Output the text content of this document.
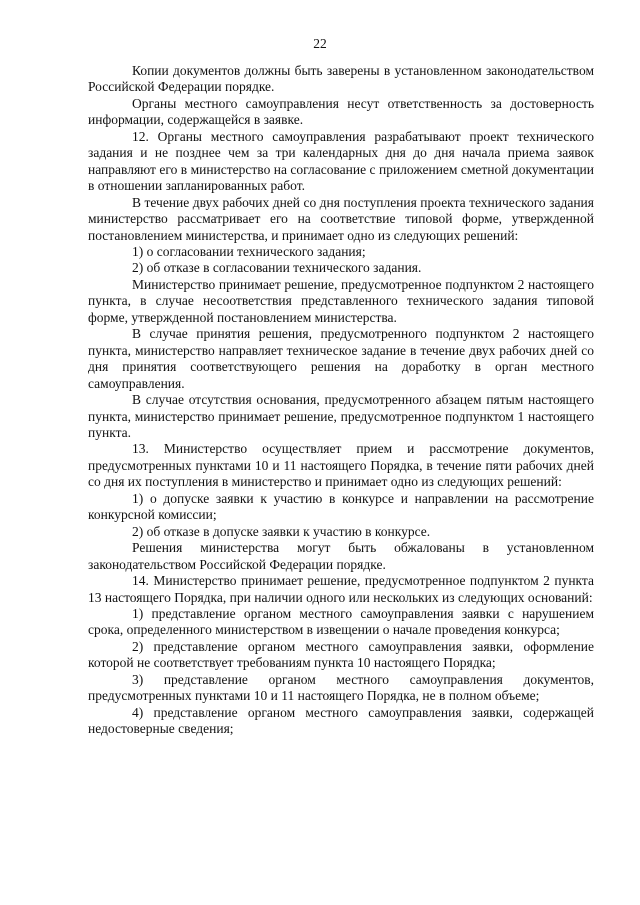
22

Копии документов должны быть заверены в установленном законодательством Российской Федерации порядке.

Органы местного самоуправления несут ответственность за достоверность информации, содержащейся в заявке.

12. Органы местного самоуправления разрабатывают проект технического задания и не позднее чем за три календарных дня до дня начала приема заявок направляют его в министерство на согласование с приложением сметной документации в отношении запланированных работ.

В течение двух рабочих дней со дня поступления проекта технического задания министерство рассматривает его на соответствие типовой форме, утвержденной постановлением министерства, и принимает одно из следующих решений:

1) о согласовании технического задания;

2) об отказе в согласовании технического задания.

Министерство принимает решение, предусмотренное подпунктом 2 настоящего пункта, в случае несоответствия представленного технического задания типовой форме, утвержденной постановлением министерства.

В случае принятия решения, предусмотренного подпунктом 2 настоящего пункта, министерство направляет техническое задание в течение двух рабочих дней со дня принятия соответствующего решения на доработку в орган местного самоуправления.

В случае отсутствия основания, предусмотренного абзацем пятым настоящего пункта, министерство принимает решение, предусмотренное подпунктом 1 настоящего пункта.

13. Министерство осуществляет прием и рассмотрение документов, предусмотренных пунктами 10 и 11 настоящего Порядка, в течение пяти рабочих дней со дня их поступления в министерство и принимает одно из следующих решений:

1) о допуске заявки к участию в конкурсе и направлении на рассмотрение конкурсной комиссии;

2) об отказе в допуске заявки к участию в конкурсе.

Решения министерства могут быть обжалованы в установленном законодательством Российской Федерации порядке.

14. Министерство принимает решение, предусмотренное подпунктом 2 пункта 13 настоящего Порядка, при наличии одного или нескольких из следующих оснований:

1) представление органом местного самоуправления заявки с нарушением срока, определенного министерством в извещении о начале проведения конкурса;

2) представление органом местного самоуправления заявки, оформление которой не соответствует требованиям пункта 10 настоящего Порядка;

3) представление органом местного самоуправления документов, предусмотренных пунктами 10 и 11 настоящего Порядка, не в полном объеме;

4) представление органом местного самоуправления заявки, содержащей недостоверные сведения;
